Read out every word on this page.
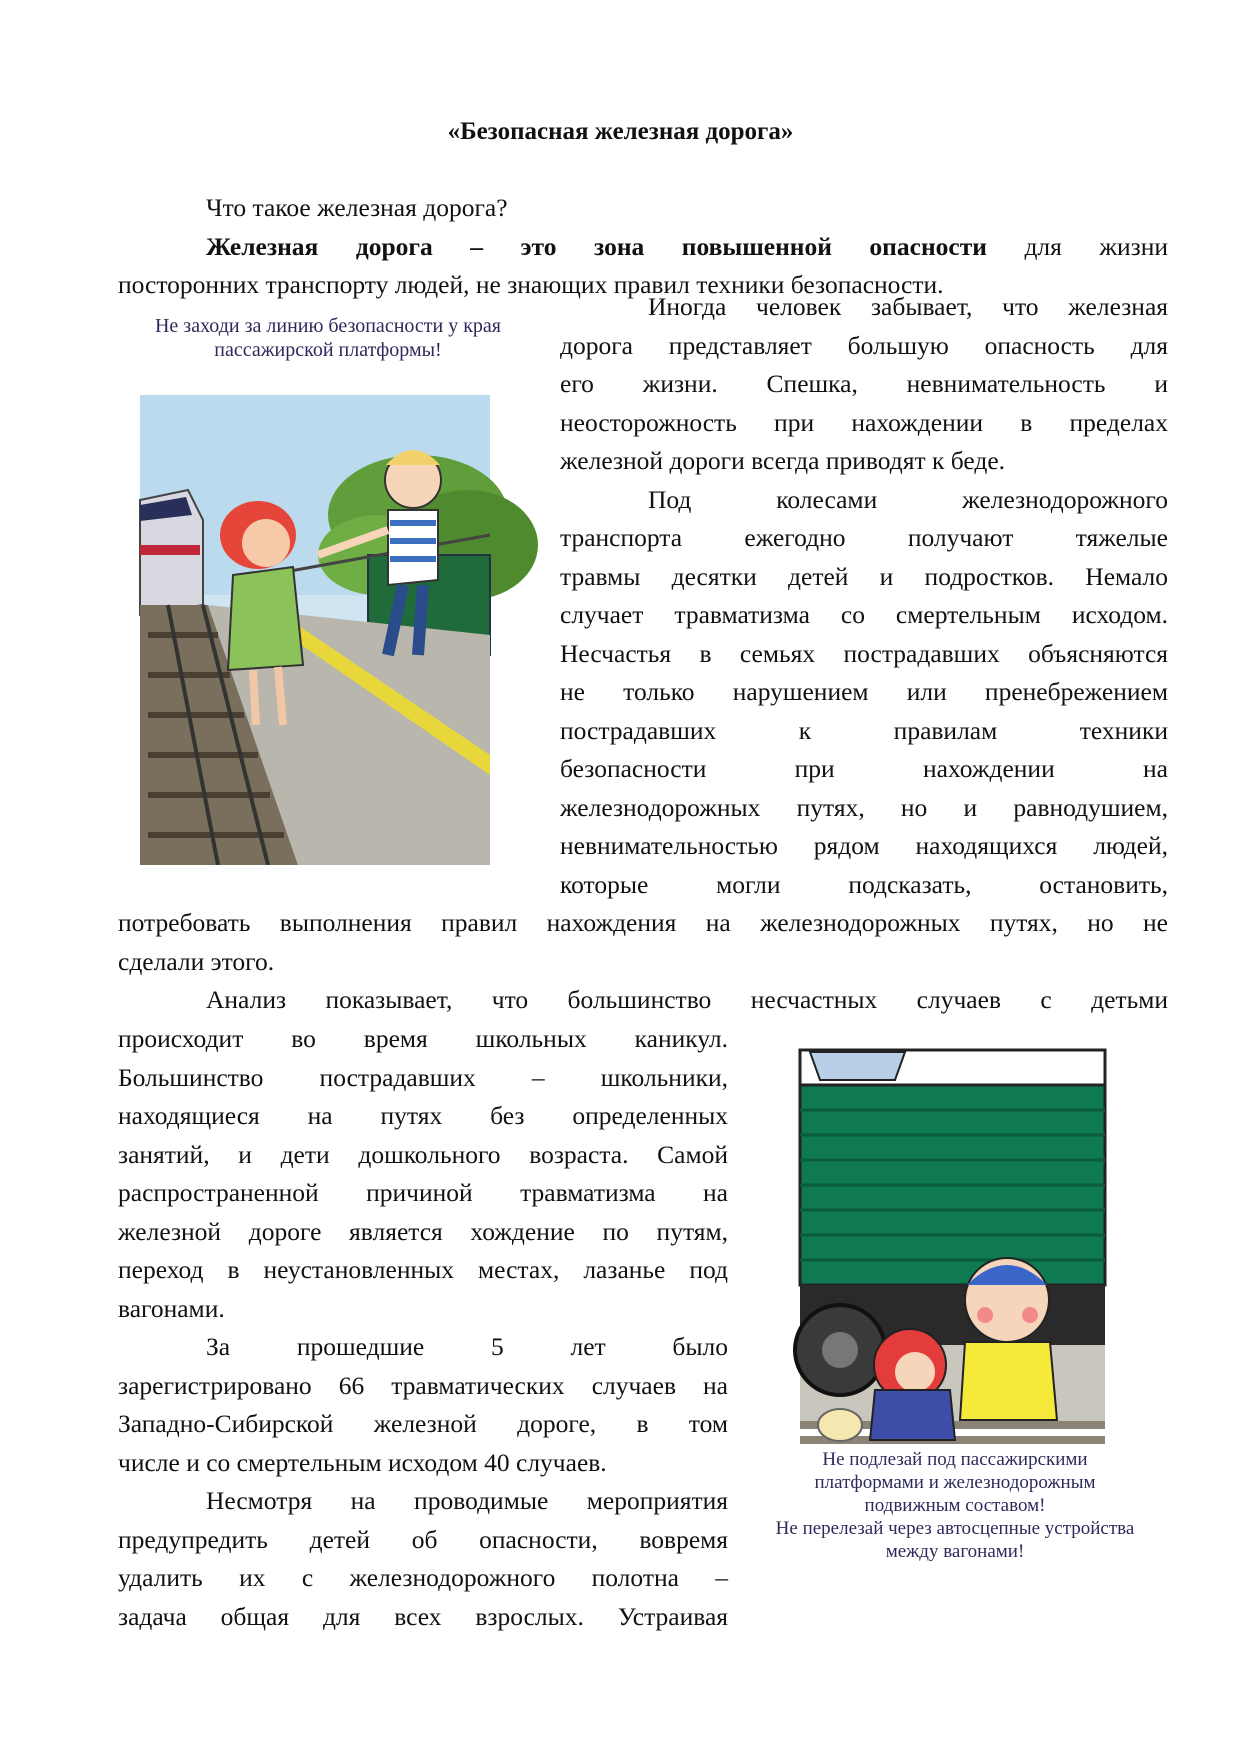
«Безопасная железная дорога»

Что такое железная дорога?

Железная дорога – это зона повышенной опасности для жизни

посторонних транспорту людей, не знающих правил техники безопасности.

Не заходи за линию безопасности у края
пассажирской платформы!
Иногда человек забывает, что железная
дорога представляет большую опасность для
его жизни. Спешка, невнимательность и
неосторожность при нахождении в пределах
железной дороги всегда приводят к беде.
Под колесами железнодорожного
транспорта ежегодно получают тяжелые
травмы десятки детей и подростков. Немало
случает травматизма со смертельным исходом.
Несчастья в семьях пострадавших объясняются
не только нарушением или пренебрежением
пострадавших к правилам техники
безопасности при нахождении на
железнодорожных путях, но и равнодушием,
невнимательностью рядом находящихся людей,
которые могли подсказать, остановить,
потребовать выполнения правил нахождения на железнодорожных путях, но не
сделали этого.
Анализ показывает, что большинство несчастных случаев с детьми
происходит во время школьных каникул.
Большинство пострадавших – школьники,
находящиеся на путях без определенных
занятий, и дети дошкольного возраста. Самой
распространенной причиной травматизма на
железной дороге является хождение по путям,
переход в неустановленных местах, лазанье под
вагонами.
За прошедшие 5 лет было
зарегистрировано 66 травматических случаев на
Западно-Сибирской железной дороге, в том
числе и со смертельным исходом 40 случаев.
Несмотря на проводимые мероприятия
предупредить детей об опасности, вовремя
удалить их с железнодорожного полотна –
задача общая для всех взрослых. Устраивая
Не подлезай под пассажирскими
платформами и железнодорожным
подвижным составом!
Не перелезай через автосцепные устройства
между вагонами!
